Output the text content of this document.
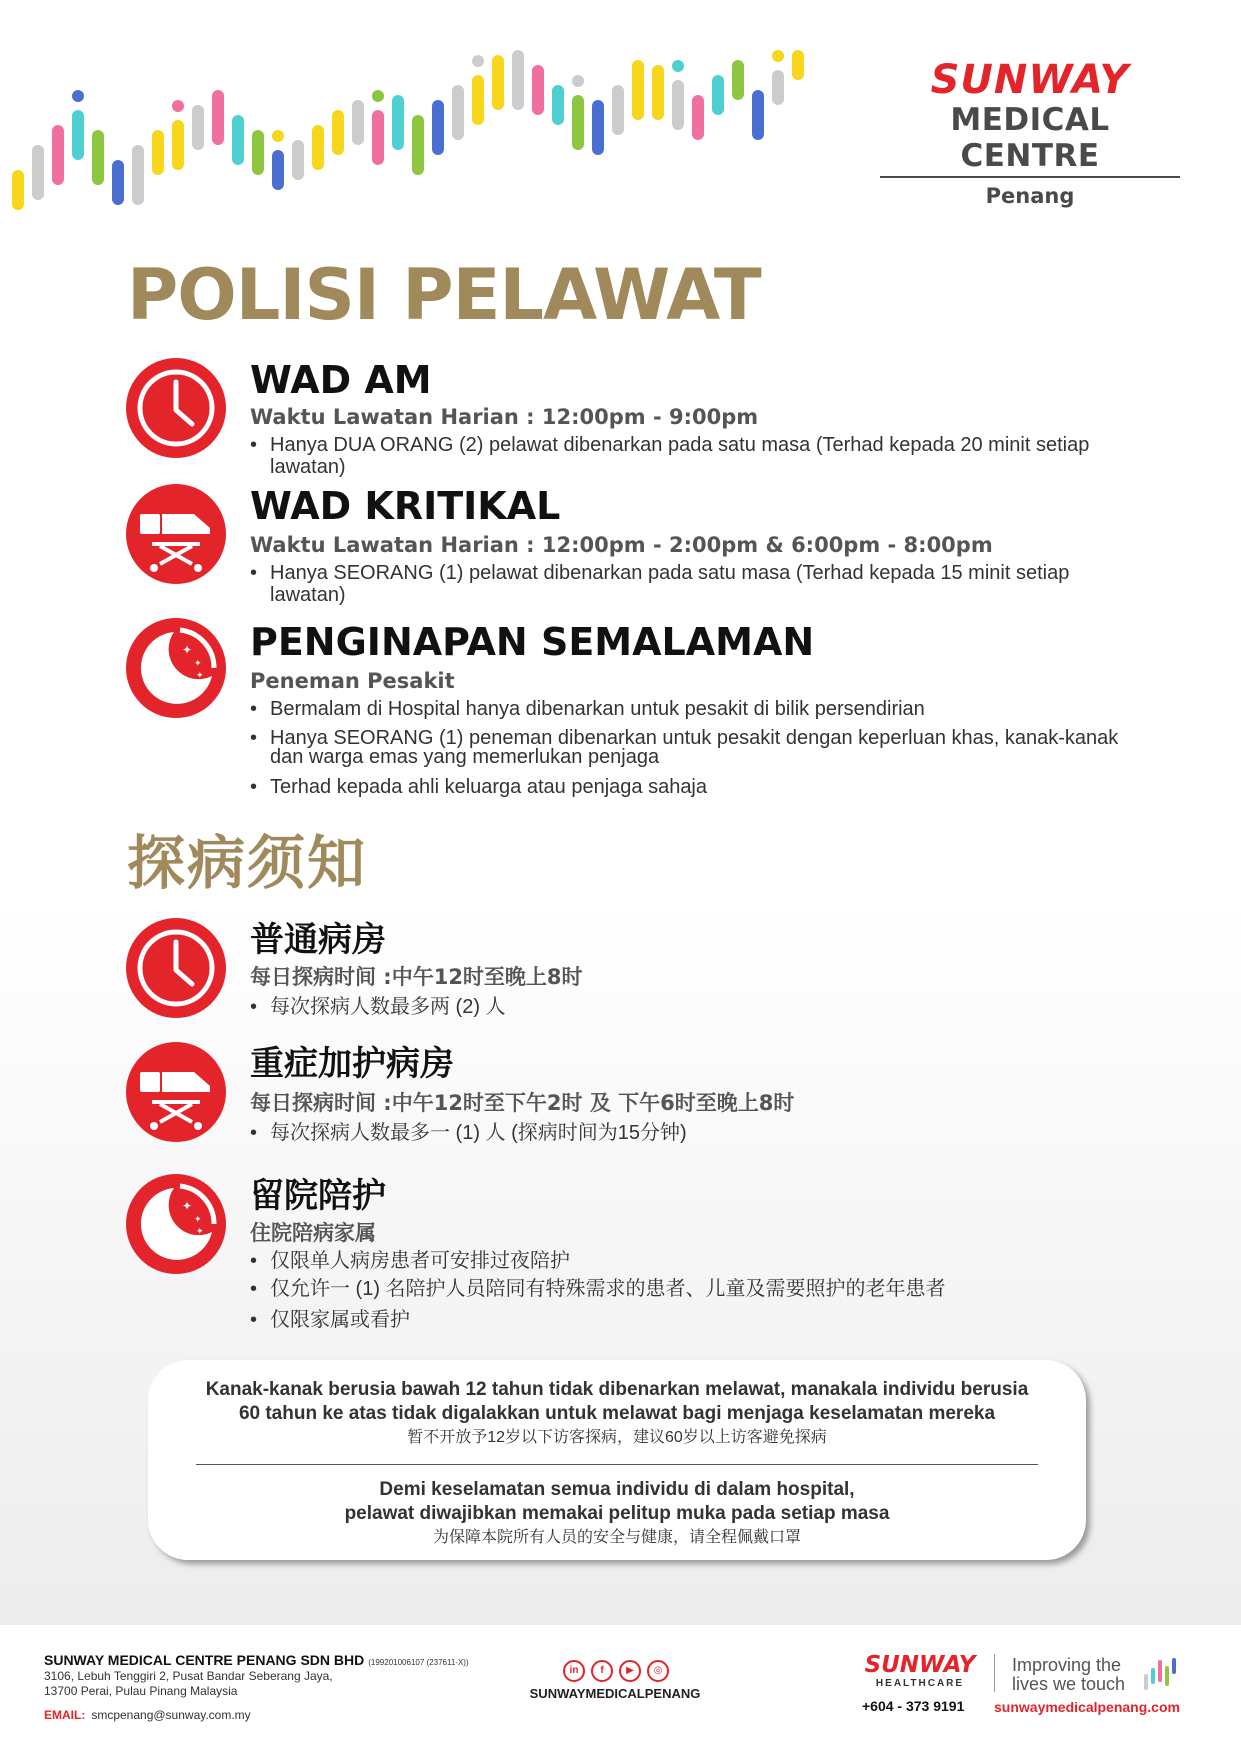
SUNWAY
MEDICAL CENTRE
Penang
POLISI PELAWAT
WAD AM
Waktu Lawatan Harian : 12:00pm - 9:00pm
• Hanya DUA ORANG (2) pelawat dibenarkan pada satu masa (Terhad kepada 20 minit setiap lawatan)
WAD KRITIKAL
Waktu Lawatan Harian : 12:00pm - 2:00pm & 6:00pm - 8:00pm
• Hanya SEORANG (1) pelawat dibenarkan pada satu masa (Terhad kepada 15 minit setiap lawatan)
✦
✦
✦
PENGINAPAN SEMALAMAN
Peneman Pesakit
• Bermalam di Hospital hanya dibenarkan untuk pesakit di bilik persendirian
• Hanya SEORANG (1) peneman dibenarkan untuk pesakit dengan keperluan khas, kanak-kanak
dan warga emas yang memerlukan penjaga
• Terhad kepada ahli keluarga atau penjaga sahaja
探病须知
普通病房
每日探病时间 :中午12时至晚上8时
• 每次探病人数最多两 (2) 人
重症加护病房
每日探病时间 :中午12时至下午2时 及 下午6时至晚上8时
• 每次探病人数最多一 (1) 人 (探病时间为15分钟)
✦
✦
✦
留院陪护
住院陪病家属
• 仅限单人病房患者可安排过夜陪护
• 仅允许一 (1) 名陪护人员陪同有特殊需求的患者、儿童及需要照护的老年患者
• 仅限家属或看护
Kanak-kanak berusia bawah 12 tahun tidak dibenarkan melawat, manakala individu berusia
60 tahun ke atas tidak digalakkan untuk melawat bagi menjaga keselamatan mereka
暂不开放予12岁以下访客探病，建议60岁以上访客避免探病
Demi keselamatan semua individu di dalam hospital,
pelawat diwajibkan memakai pelitup muka pada setiap masa
为保障本院所有人员的安全与健康，请全程佩戴口罩
SUNWAY MEDICAL CENTRE PENANG SDN BHD (199201006107 (237611-X))
3106, Lebuh Tenggiri 2, Pusat Bandar Seberang Jaya,
13700 Perai, Pulau Pinang Malaysia
EMAIL: smcpenang@sunway.com.my
in f ▶ ◎
SUNWAYMEDICALPENANG
SUNWAY
HEALTHCARE
+604 - 373 9191
Improving the
lives we touch
sunwaymedicalpenang.com
